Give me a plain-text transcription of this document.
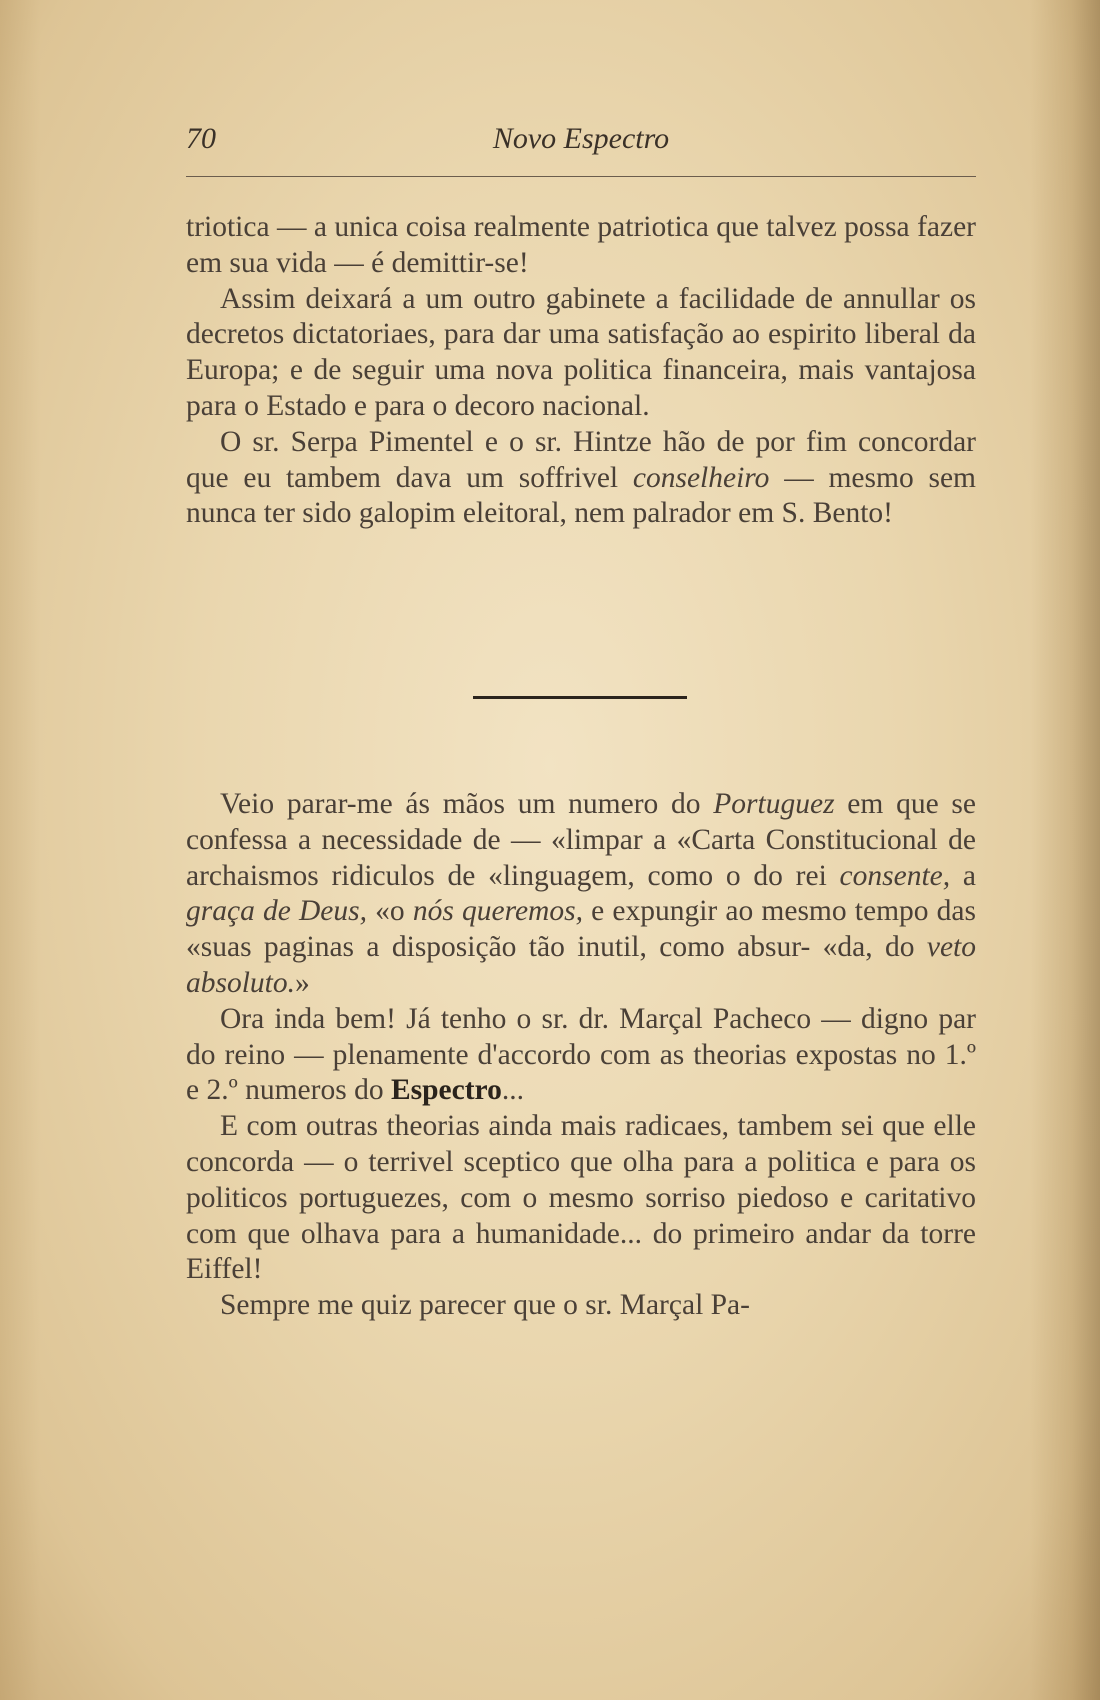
70	Novo Espectro

triotica — a unica coisa realmente patriotica que talvez possa fazer em sua vida — é demittir-se!

Assim deixará a um outro gabinete a facilidade de annullar os decretos dictatoriaes, para dar uma satisfação ao espirito liberal da Europa; e de seguir uma nova politica financeira, mais vantajosa para o Estado e para o decoro nacional.

O sr. Serpa Pimentel e o sr. Hintze hão de por fim concordar que eu tambem dava um soffrivel conselheiro — mesmo sem nunca ter sido galopim eleitoral, nem palrador em S. Bento!

Veio parar-me ás mãos um numero do Portuguez em que se confessa a necessidade de — «limpar a «Carta Constitucional de archaismos ridiculos de «linguagem, como o do rei consente, a graça de Deus, «o nós queremos, e expungir ao mesmo tempo das «suas paginas a disposição tão inutil, como absur- «da, do veto absoluto.»

Ora inda bem! Já tenho o sr. dr. Marçal Pacheco — digno par do reino — plenamente d'accordo com as theorias expostas no 1.º e 2.º numeros do Espectro...

E com outras theorias ainda mais radicaes, tambem sei que elle concorda — o terrivel sceptico que olha para a politica e para os politicos portuguezes, com o mesmo sorriso piedoso e caritativo com que olhava para a humanidade... do primeiro andar da torre Eiffel!

Sempre me quiz parecer que o sr. Marçal Pa-
